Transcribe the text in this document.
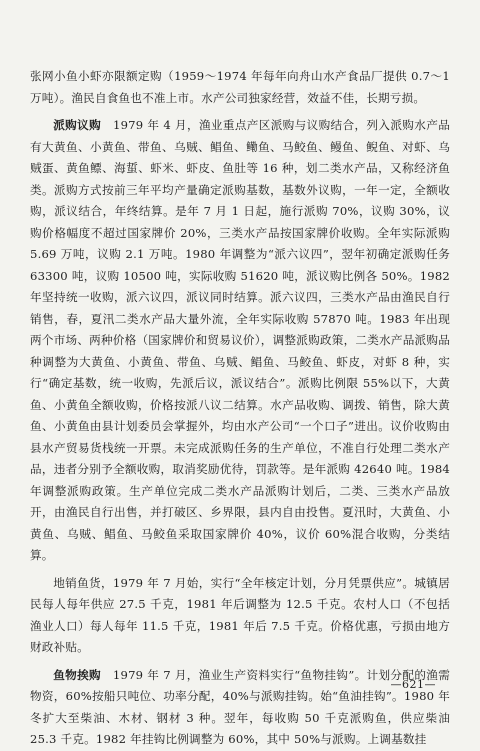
张网小鱼小虾亦限额定购（1959～1974 年每年向舟山水产食品厂提供 0.7～1 万吨）。渔民自食鱼也不准上市。水产公司独家经营，效益不佳，长期亏损。

派购议购　1979 年 4 月，渔业重点产区派购与议购结合，列入派购水产品有大黄鱼、小黄鱼、带鱼、乌贼、鲳鱼、鳓鱼、马鲛鱼、鳗鱼、鲵鱼、对虾、乌贼蛋、黄鱼鳔、海蜇、虾米、虾皮、鱼肚等 16 种，划二类水产品，又称经济鱼类。派购方式按前三年平均产量确定派购基数，基数外议购，一年一定，全额收购，派议结合，年终结算。是年 7 月 1 日起，施行派购 70%，议购 30%，议购价格幅度不超过国家牌价 20%，三类水产品按国家牌价收购。全年实际派购 5.69 万吨，议购 2.1 万吨。1980 年调整为“派六议四”，翌年初确定派购任务 63300 吨，议购 10500 吨，实际收购 51620 吨，派议购比例各 50%。1982 年坚持统一收购，派六议四，派议同时结算。派六议四，三类水产品由渔民自行销售，春，夏汛二类水产品大量外流，全年实际收购 57870 吨。1983 年出现两个市场、两种价格（国家牌价和贸易议价），调整派购政策，二类水产品派购品种调整为大黄鱼、小黄鱼、带鱼、乌贼、鲳鱼、马鲛鱼、虾皮，对虾 8 种，实行“确定基数，统一收购，先派后议，派议结合”。派购比例限 55%以下，大黄鱼、小黄鱼全额收购，价格按派八议二结算。水产品收购、调拨、销售，除大黄鱼、小黄鱼由县计划委员会掌握外，均由水产公司“一个口子”进出。议价收购由县水产贸易货栈统一开票。未完成派购任务的生产单位，不准自行处理二类水产品，违者分别予全额收购，取消奖励优待，罚款等。是年派购 42640 吨。1984 年调整派购政策。生产单位完成二类水产品派购计划后，二类、三类水产品放开，由渔民自行出售，并打破区、乡界限，县内自由投售。夏汛时，大黄鱼、小黄鱼、乌贼、鲳鱼、马鲛鱼采取国家牌价 40%，议价 60%混合收购，分类结算。

地销鱼货，1979 年 7 月始，实行“全年核定计划，分月凭票供应”。城镇居民每人每年供应 27.5 千克，1981 年后调整为 12.5 千克。农村人口（不包括渔业人口）每人每年 11.5 千克，1981 年后 7.5 千克。价格优惠，亏损由地方财政补贴。

鱼物挨购　1979 年 7 月，渔业生产资料实行“鱼物挂钩”。计划分配的渔需物资，60%按船只吨位、功率分配，40%与派购挂钩。始“鱼油挂钩”。1980 年冬扩大至柴油、木材、钢材 3 种。翌年，每收购 50 千克派购鱼，供应柴油 25.3 千克。1982 年挂钩比例调整为 60%，其中 50%与派购。上调基数挂

—621—
